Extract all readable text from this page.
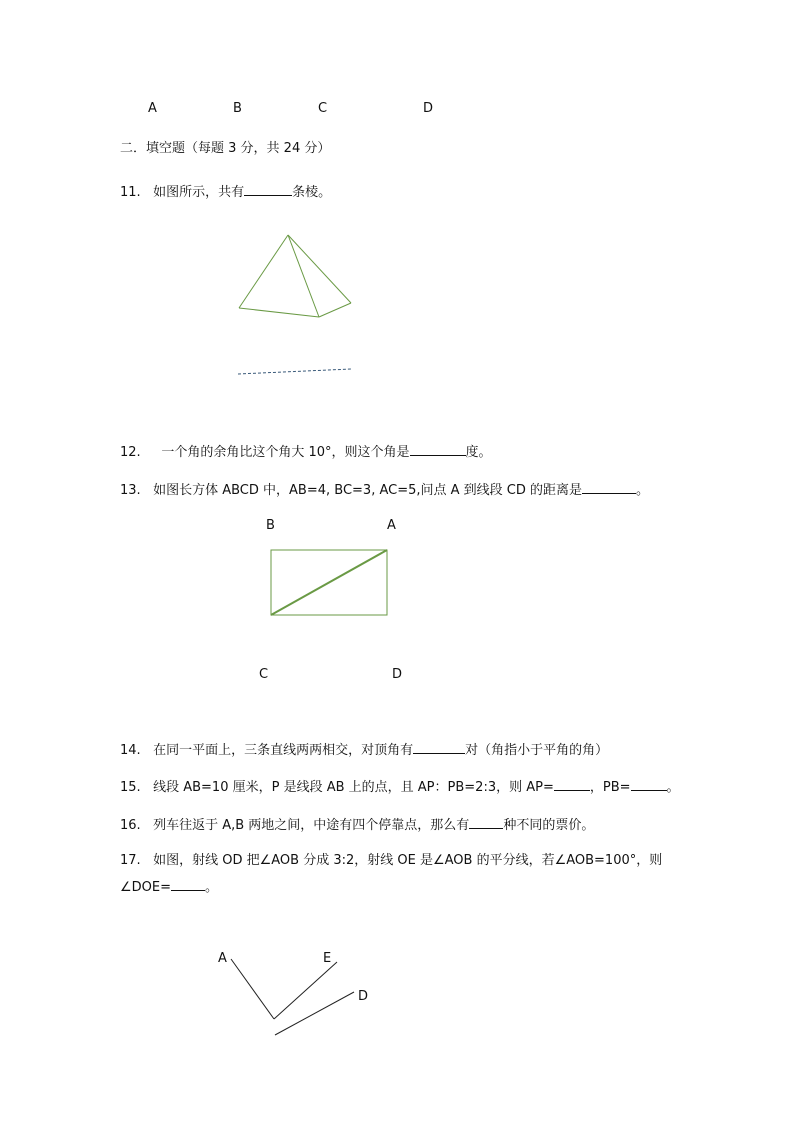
A	B	C	D
二．填空题（每题 3 分，共 24 分）
11. 如图所示，共有	条棱。
12. 一个角的余角比这个角大 10°，则这个角是	度。
13. 如图长方体 ABCD 中，AB=4, BC=3, AC=5,问点 A 到线段 CD 的距离是	。
B	A
C	D
14. 在同一平面上，三条直线两两相交，对顶角有	对（角指小于平角的角）
15. 线段 AB=10 厘米，P 是线段 AB 上的点，且 AP：PB=2:3，则 AP=	，PB=	。
16. 列车往返于 A,B 两地之间，中途有四个停靠点，那么有	种不同的票价。
17. 如图，射线 OD 把∠AOB 分成 3:2，射线 OE 是∠AOB 的平分线，若∠AOB=100°，则
∠DOE=	。
A	E
D
